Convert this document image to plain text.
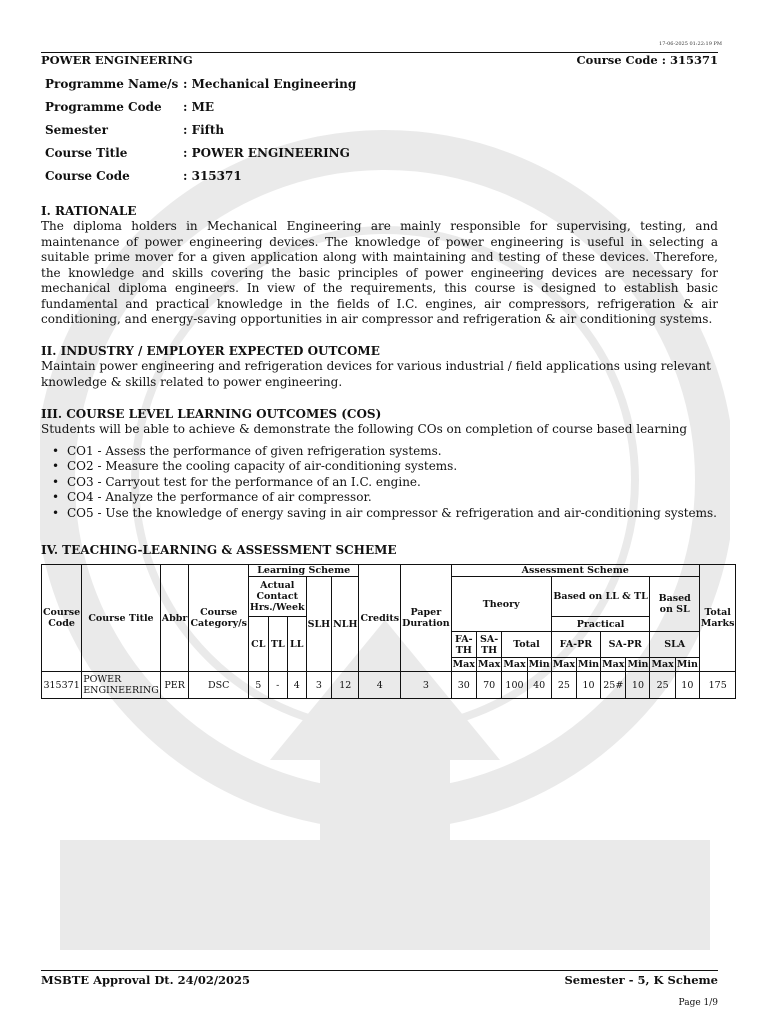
17-06-2025 01:22:19 PM
POWER ENGINEERING	Course Code : 315371
Programme Name/s	: Mechanical Engineering
Programme Code	: ME
Semester	: Fifth
Course Title	: POWER ENGINEERING
Course Code	: 315371
I. RATIONALE

The diploma holders in Mechanical Engineering are mainly responsible for supervising, testing, and maintenance of power engineering devices. The knowledge of power engineering is useful in selecting a suitable prime mover for a given application along with maintaining and testing of these devices. Therefore, the knowledge and skills covering the basic principles of power engineering devices are necessary for mechanical diploma engineers. In view of the requirements, this course is designed to establish basic fundamental and practical knowledge in the fields of I.C. engines, air compressors, refrigeration & air conditioning, and energy-saving opportunities in air compressor and refrigeration & air conditioning systems.

II. INDUSTRY / EMPLOYER EXPECTED OUTCOME

Maintain power engineering and refrigeration devices for various industrial / field applications using relevant knowledge & skills related to power engineering.

III. COURSE LEVEL LEARNING OUTCOMES (COS)

Students will be able to achieve & demonstrate the following COs on completion of course based learning

• CO1 - Assess the performance of given refrigeration systems.
• CO2 - Measure the cooling capacity of air-conditioning systems.
• CO3 - Carryout test for the performance of an I.C. engine.
• CO4 - Analyze the performance of air compressor.
• CO5 - Use the knowledge of energy saving in air compressor & refrigeration and air-conditioning systems.
IV. TEACHING-LEARNING & ASSESSMENT SCHEME
Course Code	Course Title	Abbr	Course Category/s	Learning Scheme					Credits	Paper Duration	Assessment Scheme										Total Marks
				Actual Contact Hrs./Week			SLH	NLH			Theory				Based on LL & TL				Based on SL		
				CL	TL	LL									Practical						
											FA-TH	SA-TH	Total		FA-PR		SA-PR		SLA		
											Max	Max	Max	Min	Max	Min	Max	Min	Max	Min	
315371	POWER ENGINEERING	PER	DSC	5	-	4	3	12	4	3	30	70	100	40	25	10	25#	10	25	10	175
MSBTE Approval Dt. 24/02/2025	Semester - 5, K Scheme
Page 1/9
